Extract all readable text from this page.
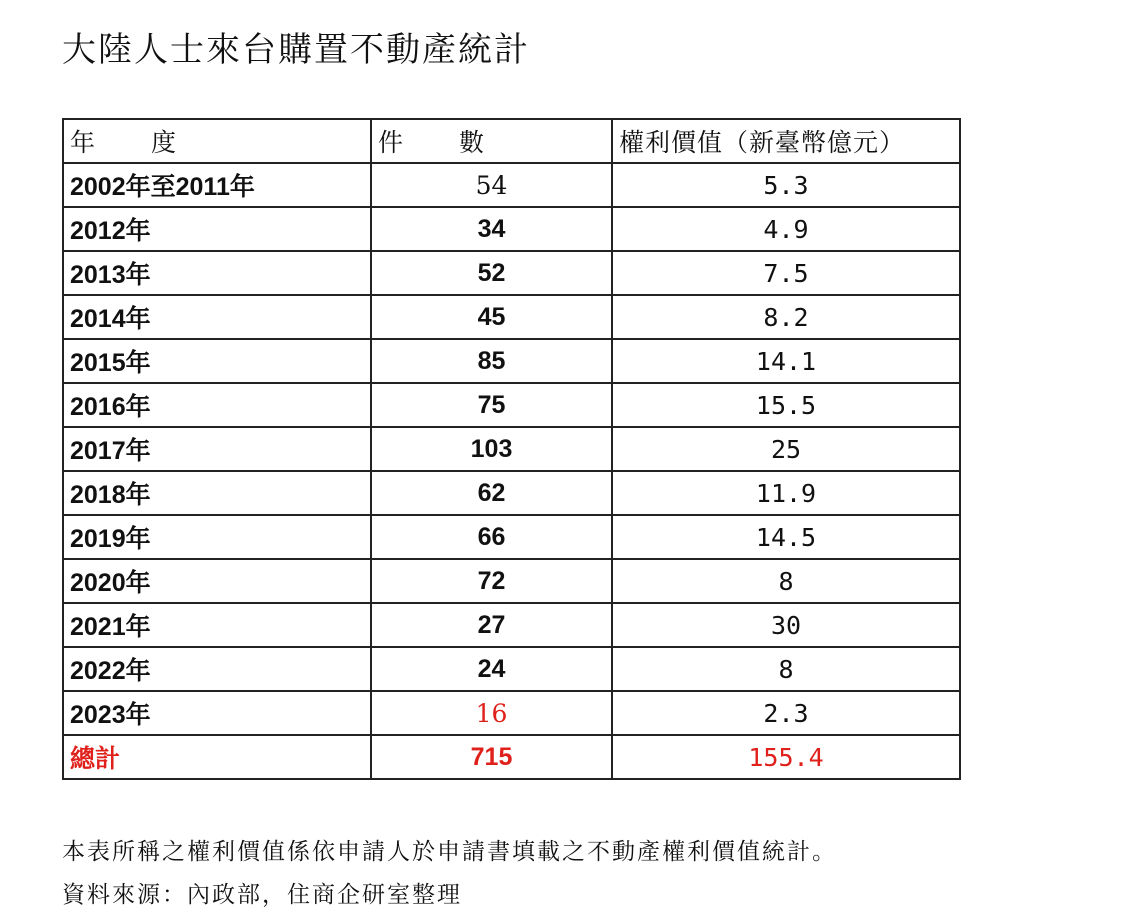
大陸人士來台購置不動產統計
年　　度	件　　數	權利價值（新臺幣億元）
2002年至2011年	54	5.3
2012年	34	4.9
2013年	52	7.5
2014年	45	8.2
2015年	85	14.1
2016年	75	15.5
2017年	103	25
2018年	62	11.9
2019年	66	14.5
2020年	72	8
2021年	27	30
2022年	24	8
2023年	16	2.3
總計	715	155.4
本表所稱之權利價值係依申請人於申請書填載之不動產權利價值統計。
資料來源：內政部，住商企研室整理
